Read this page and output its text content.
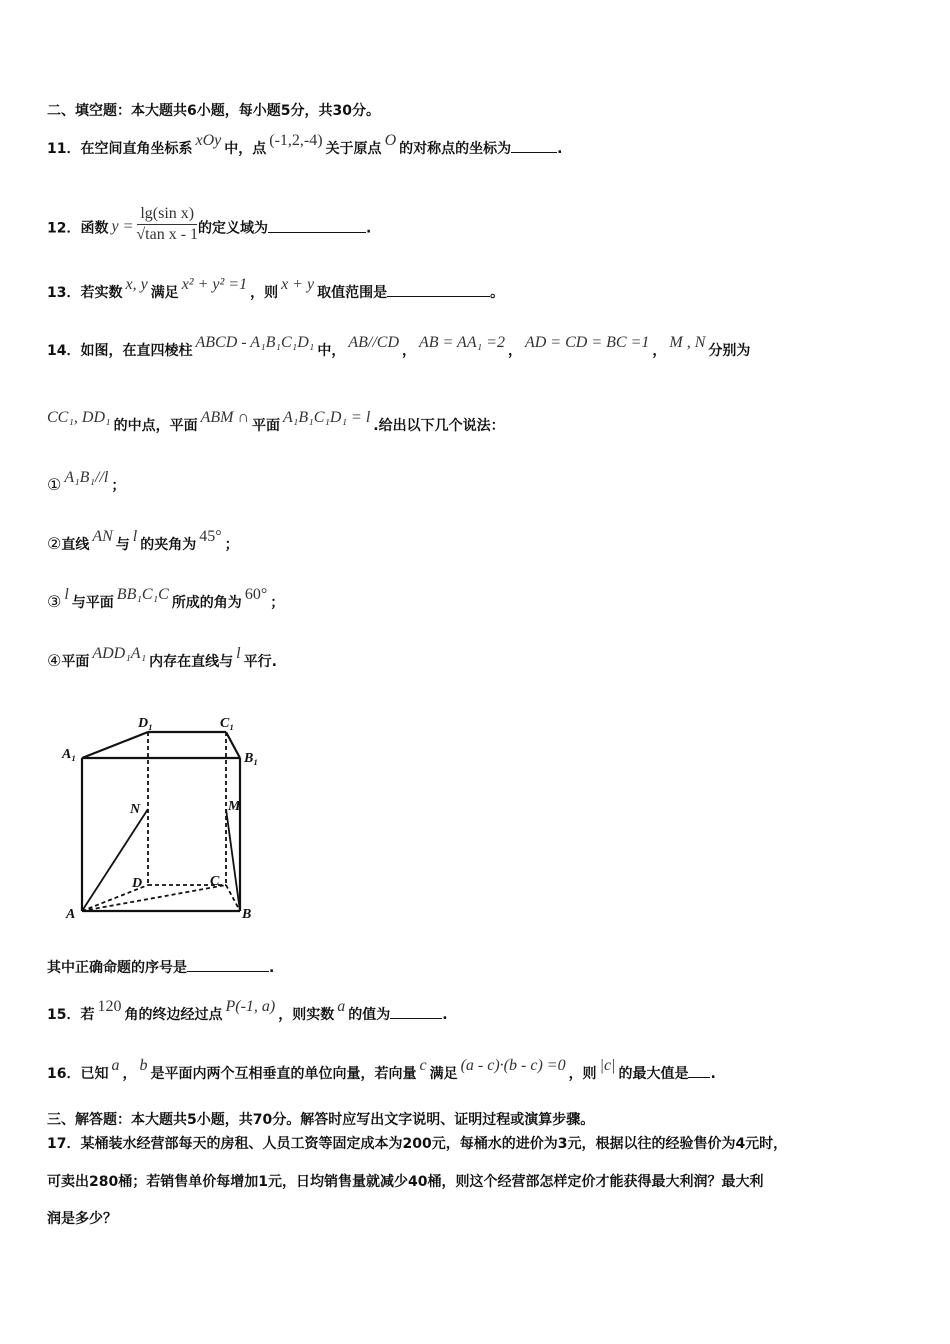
二、填空题：本大题共6小题，每小题5分，共30分。
11．在空间直角坐标系 xOy 中，点 (-1,2,-4) 关于原点 O 的对称点的坐标为	.
12．函数 $y = \frac{\text{lg(sin x)}}{\text{√tan x - 1}}$ 的定义域为	.
13．若实数 x, y 满足 x² + y² =1 ，则 x + y 取值范围是	。
14．如图，在直四棱柱 ABCD - A₁B₁C₁D₁ 中， AB//CD ， AB = AA₁ =2 ， AD = CD = BC =1 ， M , N 分别为
CC₁, DD₁ 的中点，平面 ABM ∩ 平面 A₁B₁C₁D₁ = l .给出以下几个说法：
① A₁B₁//l ；
②直线 AN 与 l 的夹角为 45° ；
③ l 与平面 BB₁C₁C 所成的角为 60° ；
④平面 ADD₁A₁ 内存在直线与 l 平行.
D₁	C₁
A₁	B₁
N	M
D	C
A	B
其中正确命题的序号是	.
15．若 120 角的终边经过点 P(-1, a) ，则实数 a 的值为	.
16．已知 a ， b 是平面内两个互相垂直的单位向量，若向量 c 满足 (a - c)·(b - c) =0 ，则 |c| 的最大值是 .
三、解答题：本大题共5小题，共70分。解答时应写出文字说明、证明过程或演算步骤。
17．某桶装水经营部每天的房租、人员工资等固定成本为200元，每桶水的进价为3元，根据以往的经验售价为4元时，
可卖出280桶；若销售单价每增加1元，日均销售量就减少40桶，则这个经营部怎样定价才能获得最大利润？最大利
润是多少？
